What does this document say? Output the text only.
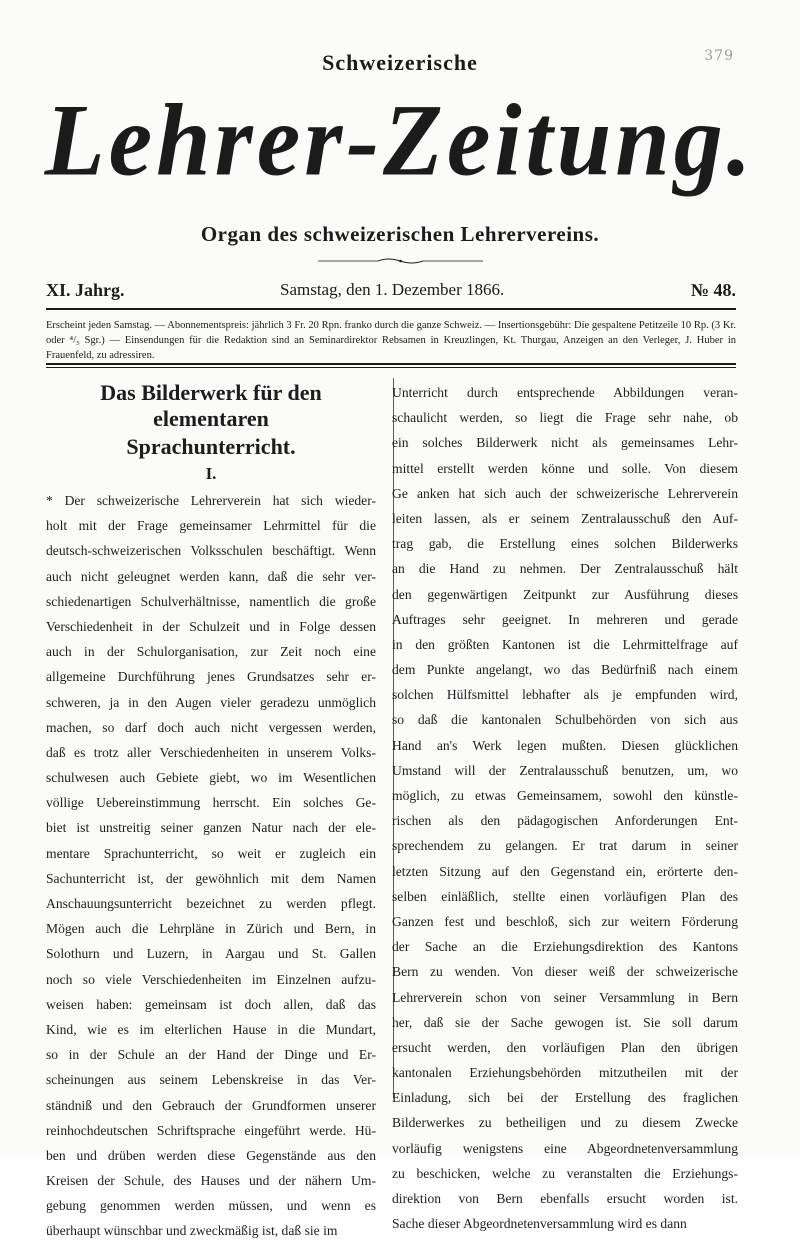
379
Schweizerische
Lehrer-Zeitung.
Organ des schweizerischen Lehrervereins.
XI. Jahrg.	Samstag, den 1. Dezember 1866.	№ 48.
Erscheint jeden Samstag. — Abonnementspreis: jährlich 3 Fr. 20 Rpn. franko durch die ganze Schweiz. — Insertionsgebühr: Die gespaltene Petitzeile 10 Rp. (3 Kr. oder ⁴/₅ Sgr.) — Einsendungen für die Redaktion sind an Seminardirektor Rebsamen in Kreuzlingen, Kt. Thurgau, Anzeigen an den Verleger, J. Huber in Frauenfeld, zu adressiren.
Das Bilderwerk für den elementaren
Sprachunterricht.
I.
* Der schweizerische Lehrerverein hat sich wieder-
holt mit der Frage gemeinsamer Lehrmittel für die
deutsch-schweizerischen Volksschulen beschäftigt. Wenn
auch nicht geleugnet werden kann, daß die sehr ver-
schiedenartigen Schulverhältnisse, namentlich die große
Verschiedenheit in der Schulzeit und in Folge dessen
auch in der Schulorganisation, zur Zeit noch eine
allgemeine Durchführung jenes Grundsatzes sehr er-
schweren, ja in den Augen vieler geradezu unmöglich
machen, so darf doch auch nicht vergessen werden,
daß es trotz aller Verschiedenheiten in unserem Volks-
schulwesen auch Gebiete giebt, wo im Wesentlichen
völlige Uebereinstimmung herrscht. Ein solches Ge-
biet ist unstreitig seiner ganzen Natur nach der ele-
mentare Sprachunterricht, so weit er zugleich ein
Sachunterricht ist, der gewöhnlich mit dem Namen
Anschauungsunterricht bezeichnet zu werden pflegt.
Mögen auch die Lehrpläne in Zürich und Bern, in
Solothurn und Luzern, in Aargau und St. Gallen
noch so viele Verschiedenheiten im Einzelnen aufzu-
weisen haben: gemeinsam ist doch allen, daß das
Kind, wie es im elterlichen Hause in die Mundart,
so in der Schule an der Hand der Dinge und Er-
scheinungen aus seinem Lebenskreise in das Ver-
ständniß und den Gebrauch der Grundformen unserer
reinhochdeutschen Schriftsprache eingeführt werde. Hü-
ben und drüben werden diese Gegenstände aus den
Kreisen der Schule, des Hauses und der nähern Um-
gebung genommen werden müssen, und wenn es
überhaupt wünschbar und zweckmäßig ist, daß sie im
Unterricht durch entsprechende Abbildungen veran-
schaulicht werden, so liegt die Frage sehr nahe, ob
ein solches Bilderwerk nicht als gemeinsames Lehr-
mittel erstellt werden könne und solle. Von diesem
Ge anken hat sich auch der schweizerische Lehrerverein
leiten lassen, als er seinem Zentralausschuß den Auf-
trag gab, die Erstellung eines solchen Bilderwerks
an die Hand zu nehmen. Der Zentralausschuß hält
den gegenwärtigen Zeitpunkt zur Ausführung dieses
Auftrages sehr geeignet. In mehreren und gerade
in den größten Kantonen ist die Lehrmittelfrage auf
dem Punkte angelangt, wo das Bedürfniß nach einem
solchen Hülfsmittel lebhafter als je empfunden wird,
so daß die kantonalen Schulbehörden von sich aus
Hand an's Werk legen mußten. Diesen glücklichen
Umstand will der Zentralausschuß benutzen, um, wo
möglich, zu etwas Gemeinsamem, sowohl den künstle-
rischen als den pädagogischen Anforderungen Ent-
sprechendem zu gelangen. Er trat darum in seiner
letzten Sitzung auf den Gegenstand ein, erörterte den-
selben einläßlich, stellte einen vorläufigen Plan des
Ganzen fest und beschloß, sich zur weitern Förderung
der Sache an die Erziehungsdirektion des Kantons
Bern zu wenden. Von dieser weiß der schweizerische
Lehrerverein schon von seiner Versammlung in Bern
her, daß sie der Sache gewogen ist. Sie soll darum
ersucht werden, den vorläufigen Plan den übrigen
kantonalen Erziehungsbehörden mitzutheilen mit der
Einladung, sich bei der Erstellung des fraglichen
Bilderwerkes zu betheiligen und zu diesem Zwecke
vorläufig wenigstens eine Abgeordnetenversammlung
zu beschicken, welche zu veranstalten die Erziehungs-
direktion von Bern ebenfalls ersucht worden ist.
Sache dieser Abgeordnetenversammlung wird es dann
